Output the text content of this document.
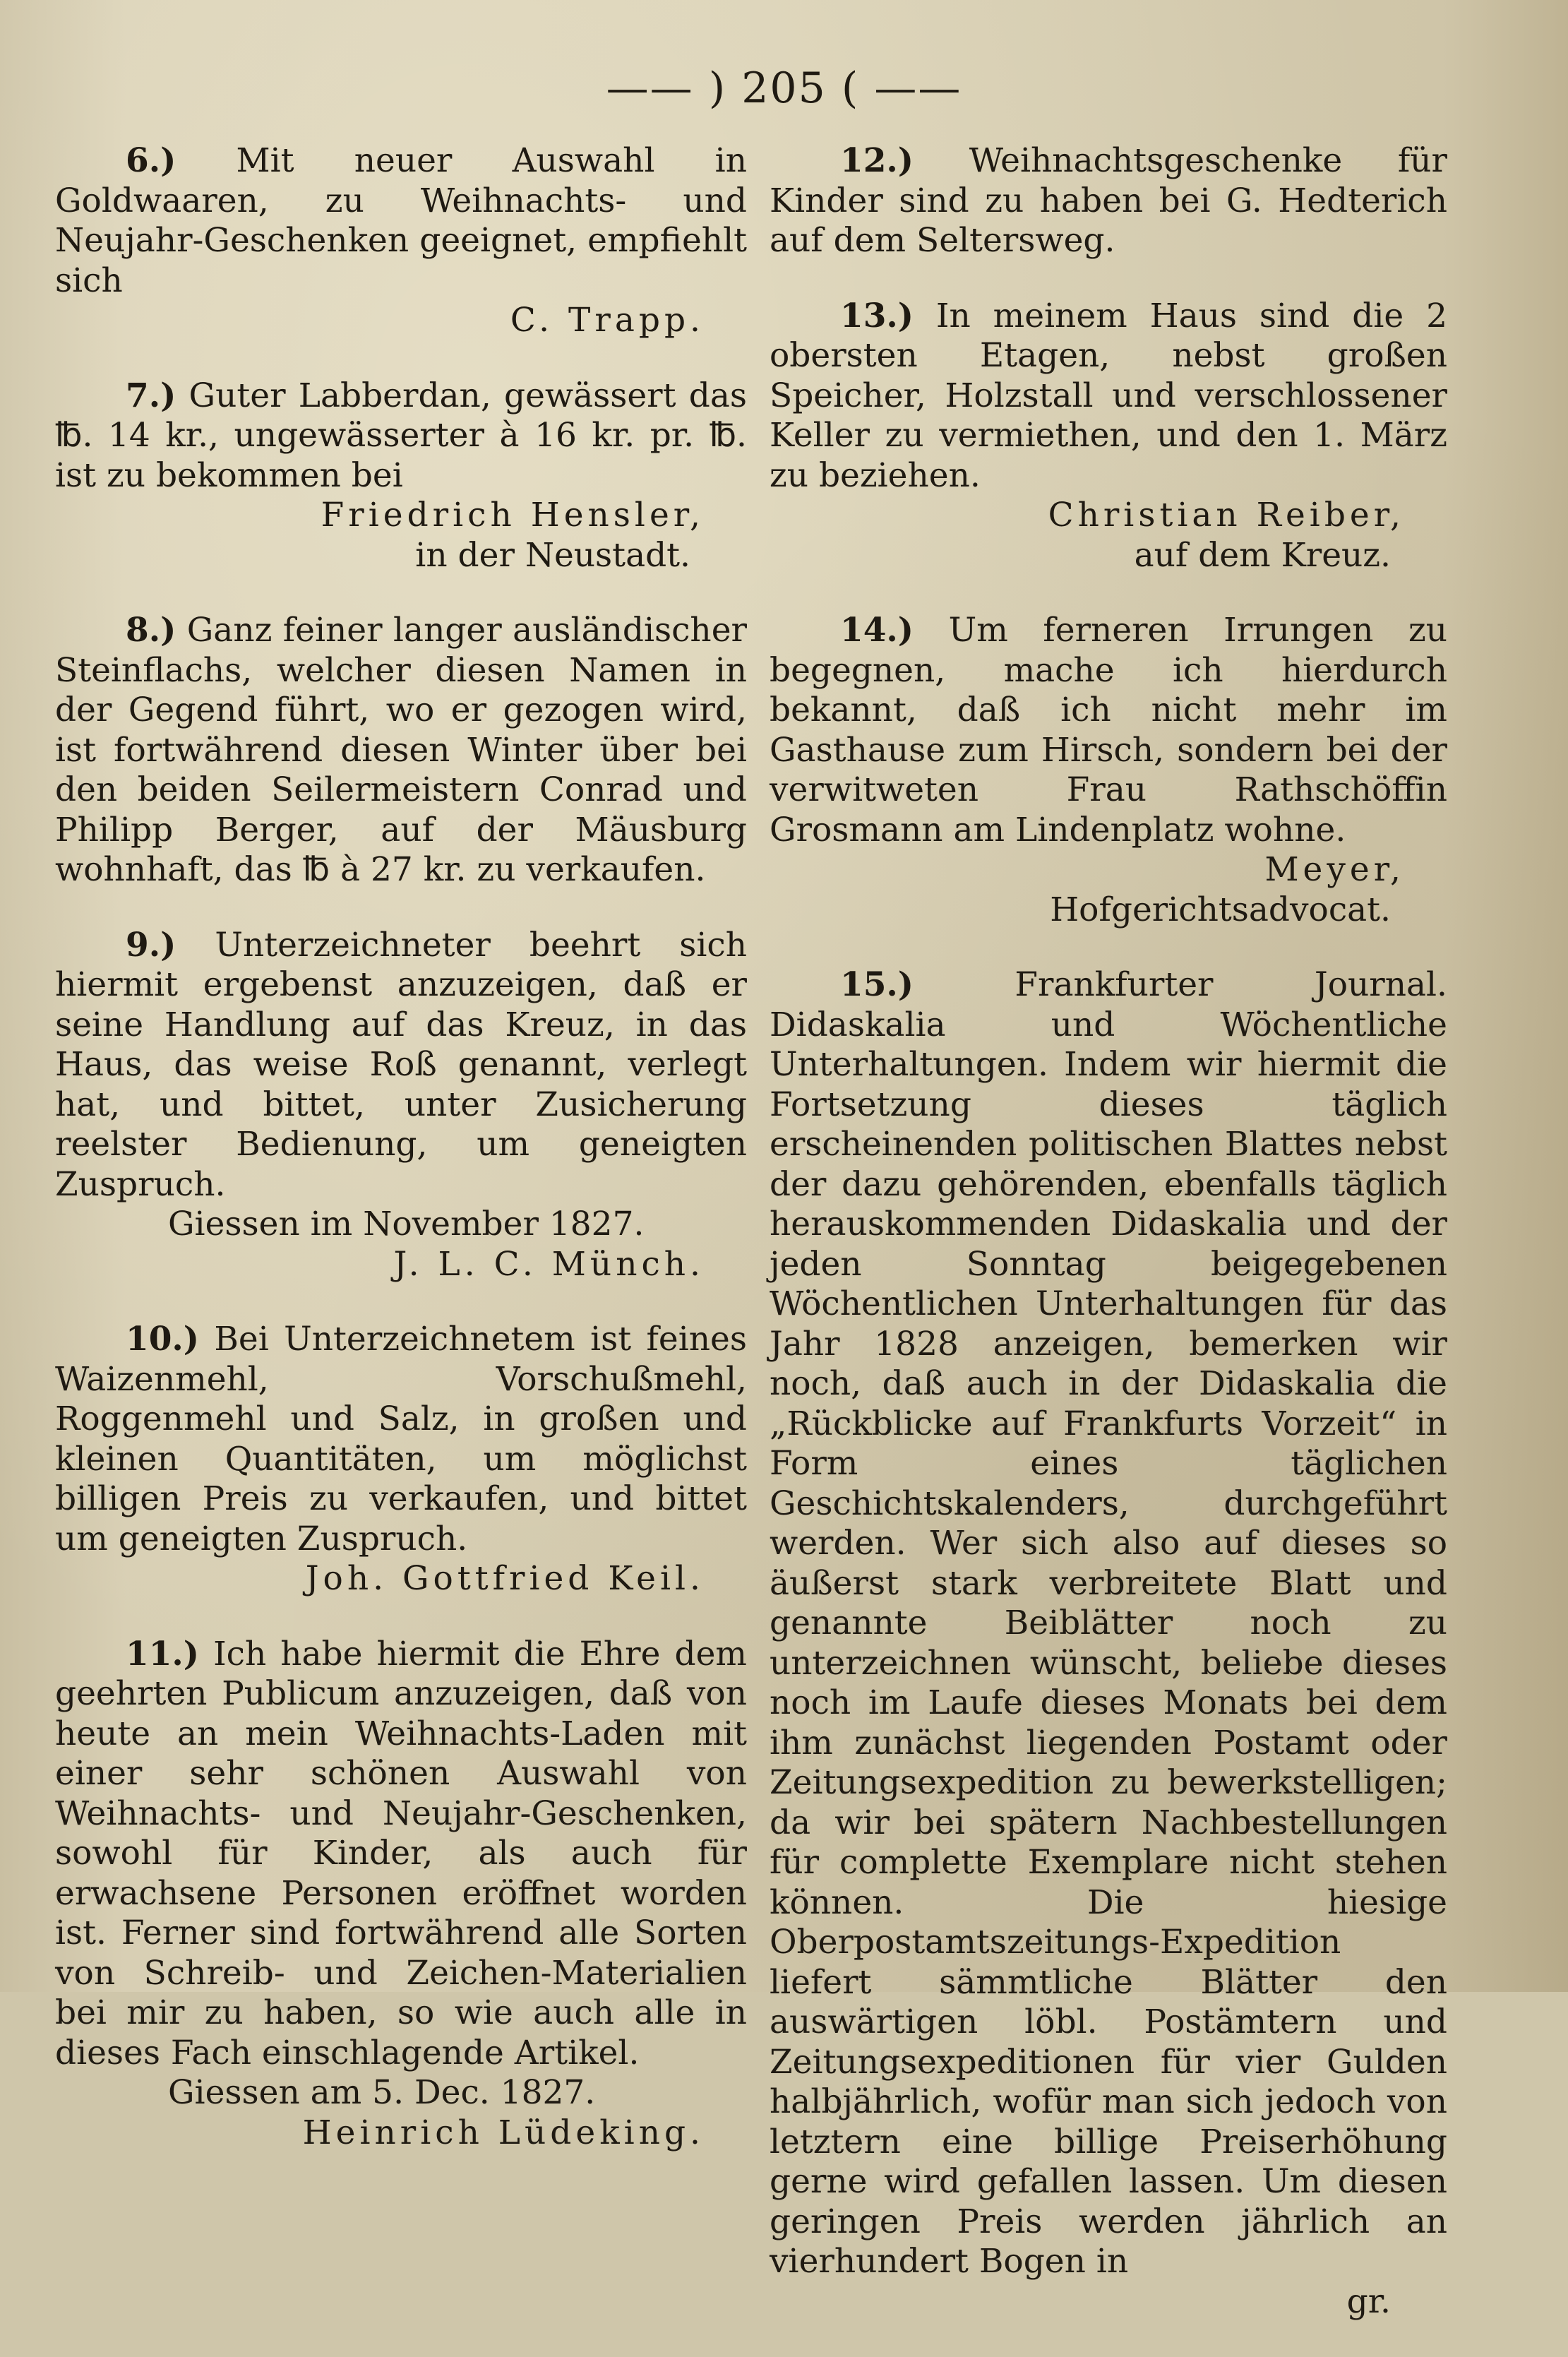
—— ) 205 ( ——

6.) Mit neuer Auswahl in Goldwaaren, zu Weihnachts- und Neujahr-Geschenken geeignet, empfiehlt sich

C. Trapp.

7.) Guter Labberdan, gewässert das ℔. 14 kr., ungewässerter à 16 kr. pr. ℔. ist zu bekommen bei

Friedrich Hensler,

in der Neustadt.

8.) Ganz feiner langer ausländischer Steinflachs, welcher diesen Namen in der Gegend führt, wo er gezogen wird, ist fortwährend diesen Winter über bei den beiden Seilermeistern Conrad und Philipp Berger, auf der Mäusburg wohnhaft, das ℔ à 27 kr. zu verkaufen.

9.) Unterzeichneter beehrt sich hiermit ergebenst anzuzeigen, daß er seine Handlung auf das Kreuz, in das Haus, das weise Roß genannt, verlegt hat, und bittet, unter Zusicherung reelster Bedienung, um geneigten Zuspruch.

Giessen im November 1827.

J. L. C. Münch.

10.) Bei Unterzeichnetem ist feines Waizenmehl, Vorschußmehl, Roggenmehl und Salz, in großen und kleinen Quantitäten, um möglichst billigen Preis zu verkaufen, und bittet um geneigten Zuspruch.

Joh. Gottfried Keil.

11.) Ich habe hiermit die Ehre dem geehrten Publicum anzuzeigen, daß von heute an mein Weihnachts-Laden mit einer sehr schönen Auswahl von Weihnachts- und Neujahr-Geschenken, sowohl für Kinder, als auch für erwachsene Personen eröffnet worden ist. Ferner sind fortwährend alle Sorten von Schreib- und Zeichen-Materialien bei mir zu haben, so wie auch alle in dieses Fach einschlagende Artikel.

Giessen am 5. Dec. 1827.

Heinrich Lüdeking.

12.) Weihnachtsgeschenke für Kinder sind zu haben bei G. Hedterich auf dem Seltersweg.

13.) In meinem Haus sind die 2 obersten Etagen, nebst großen Speicher, Holzstall und verschlossener Keller zu vermiethen, und den 1. März zu beziehen.

Christian Reiber,

auf dem Kreuz.

14.) Um ferneren Irrungen zu begegnen, mache ich hierdurch bekannt, daß ich nicht mehr im Gasthause zum Hirsch, sondern bei der verwitweten Frau Rathschöffin Grosmann am Lindenplatz wohne.

Meyer,

Hofgerichtsadvocat.

15.)	Frankfurter Journal. Didaskalia und Wöchentliche Unterhaltungen. Indem wir hiermit die Fortsetzung dieses täglich erscheinenden politischen Blattes nebst der dazu gehörenden, ebenfalls täglich herauskommenden Didaskalia und der jeden Sonntag beigegebenen Wöchentlichen Unterhaltungen für das Jahr 1828 anzeigen, bemerken wir noch, daß auch in der Didaskalia die „Rückblicke auf Frankfurts Vorzeit“ in Form eines täglichen Geschichtskalenders, durchgeführt werden. Wer sich also auf dieses so äußerst stark verbreitete Blatt und genannte Beiblätter noch zu unterzeichnen wünscht, beliebe dieses noch im Laufe dieses Monats bei dem ihm zunächst liegenden Postamt oder Zeitungsexpedition zu bewerkstelligen; da wir bei spätern Nachbestellungen für complette Exemplare nicht stehen können. Die hiesige Oberpostamtszeitungs-Expedition liefert sämmtliche Blätter den auswärtigen löbl. Postämtern und Zeitungsexpeditionen für vier Gulden halbjährlich, wofür man sich jedoch von letztern eine billige Preiserhöhung gerne wird gefallen lassen. Um diesen geringen Preis werden jährlich an vierhundert Bogen in

gr.
